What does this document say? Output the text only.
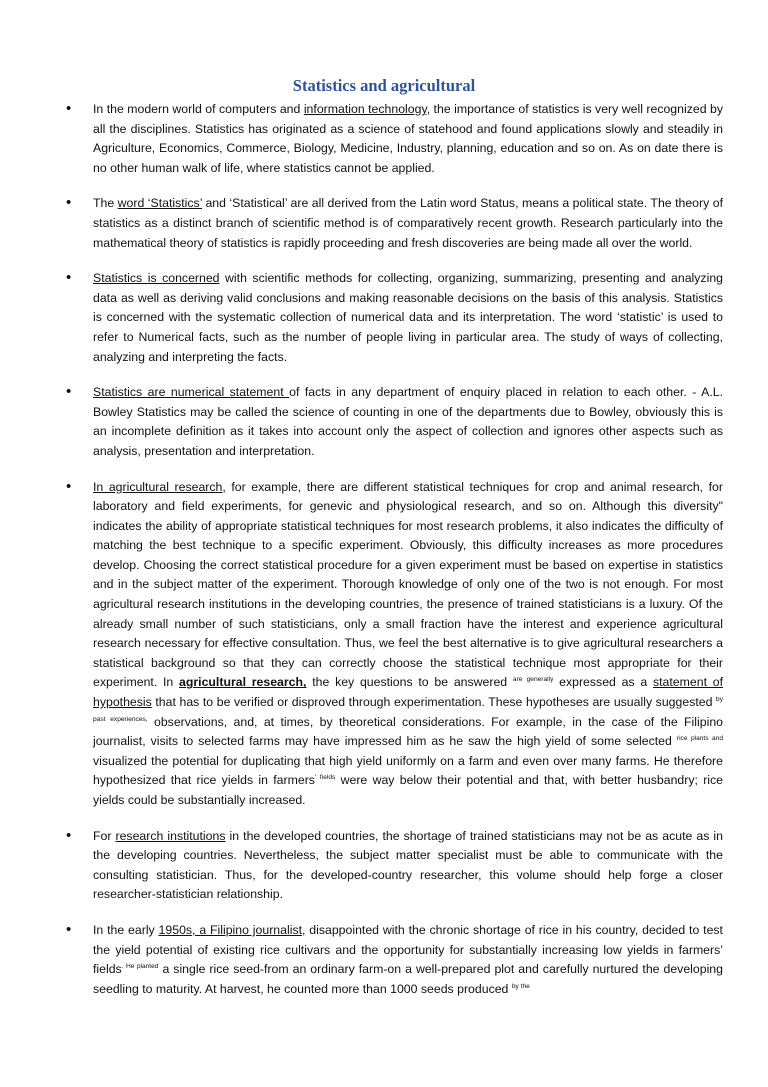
Statistics and agricultural
• In the modern world of computers and information technology, the importance of statistics is very well recognized by all the disciplines. Statistics has originated as a science of statehood and found applications slowly and steadily in Agriculture, Economics, Commerce, Biology, Medicine, Industry, planning, education and so on. As on date there is no other human walk of life, where statistics cannot be applied.
• The word ‘Statistics’ and ‘Statistical’ are all derived from the Latin word Status, means a political state. The theory of statistics as a distinct branch of scientific method is of comparatively recent growth. Research particularly into the mathematical theory of statistics is rapidly proceeding and fresh discoveries are being made all over the world.
• Statistics is concerned with scientific methods for collecting, organizing, summarizing, presenting and analyzing data as well as deriving valid conclusions and making reasonable decisions on the basis of this analysis. Statistics is concerned with the systematic collection of numerical data and its interpretation. The word ‘statistic’ is used to refer to Numerical facts, such as the number of people living in particular area. The study of ways of collecting, analyzing and interpreting the facts.
• Statistics are numerical statement of facts in any department of enquiry placed in relation to each other. - A.L. Bowley Statistics may be called the science of counting in one of the departments due to Bowley, obviously this is an incomplete definition as it takes into account only the aspect of collection and ignores other aspects such as analysis, presentation and interpretation.
• In agricultural research, for example, there are different statistical techniques for crop and animal research, for laboratory and field experiments, for genevic and physiological research, and so on. Although this diversity" indicates the ability of appropriate statistical techniques for most research problems, it also indicates the difficulty of matching the best technique to a specific experiment. Obviously, this difficulty increases as more procedures develop. Choosing the correct statistical procedure for a given experiment must be based on expertise in statistics and in the subject matter of the experiment. Thorough knowledge of only one of the two is not enough. For most agricultural research institutions in the developing countries, the presence of trained statisticians is a luxury. Of the already small number of such statisticians, only a small fraction have the interest and experience agricultural research necessary for effective consultation. Thus, we feel the best alternative is to give agricultural researchers a statistical background so that they can correctly choose the statistical technique most appropriate for their experiment. In agricultural research, the key questions to be answered $^{are generally}$ expressed as a statement of hypothesis that has to be verified or disproved through experimentation. These hypotheses are usually suggested $^{by past experiences,}$ observations, and, at times, by theoretical considerations. For example, in the case of the Filipino journalist, visits to selected farms may have impressed him as he saw the high yield of some selected $^{rice plants and}$ visualized the potential for duplicating that high yield uniformly on a farm and even over many farms. He therefore hypothesized that rice yields in farmers$^{' fields}$ were way below their potential and that, with better husbandry; rice yields could be substantially increased.
• For research institutions in the developed countries, the shortage of trained statisticians may not be as acute as in the developing countries. Nevertheless, the subject matter specialist must be able to communicate with the consulting statistician. Thus, for the developed-country researcher, this volume should help forge a closer researcher-statistician relationship.
• In the early 1950s, a Filipino journalist, disappointed with the chronic shortage of rice in his country, decided to test the yield potential of existing rice cultivars and the opportunity for substantially increasing low yields in farmers’ fields$^{. He planted}$ a single rice seed-from an ordinary farm-on a well-prepared plot and carefully nurtured the developing seedling to maturity. At harvest, he counted more than 1000 seeds produced $^{by the}$
